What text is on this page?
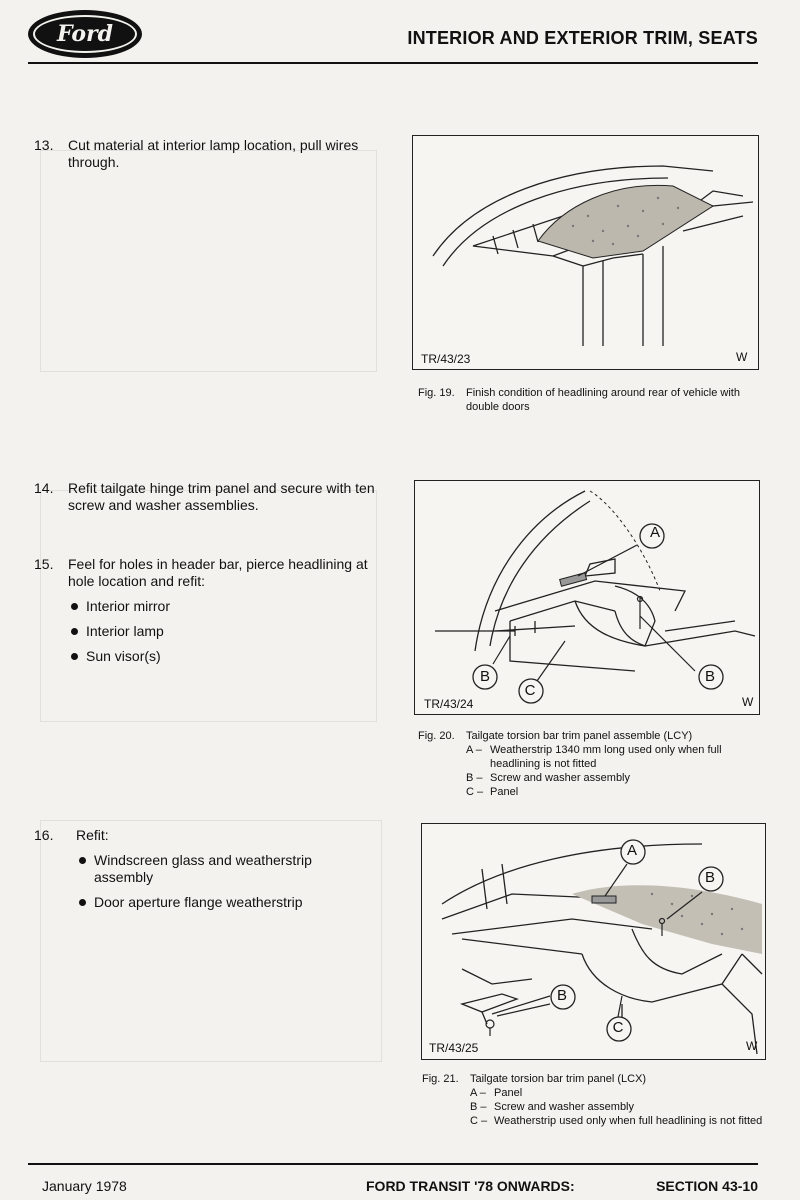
Ford	INTERIOR AND EXTERIOR TRIM, SEATS
13. Cut material at interior lamp location, pull wires through.
14. Refit tailgate hinge trim panel and secure with ten screw and washer assemblies.
15. Feel for holes in header bar, pierce headlining at hole location and refit:
Interior mirror
Interior lamp
Sun visor(s)
16. Refit:
Windscreen glass and weatherstrip assembly
Door aperture flange weatherstrip
TR/43/23	W
Fig. 19.	Finish condition of headlining around rear of vehicle with double doors
A
B
C
B
TR/43/24	W
Fig. 20.	Tailgate torsion bar trim panel assemble (LCY)
A – Weatherstrip 1340 mm long used only when full headlining is not fitted
B – Screw and washer assembly
C – Panel
A
B
B
C
TR/43/25	W
Fig. 21.	Tailgate torsion bar trim panel (LCX)
A – Panel
B – Screw and washer assembly
C – Weatherstrip used only when full headlining is not fitted
January 1978	FORD TRANSIT '78 ONWARDS:	SECTION 43-10
